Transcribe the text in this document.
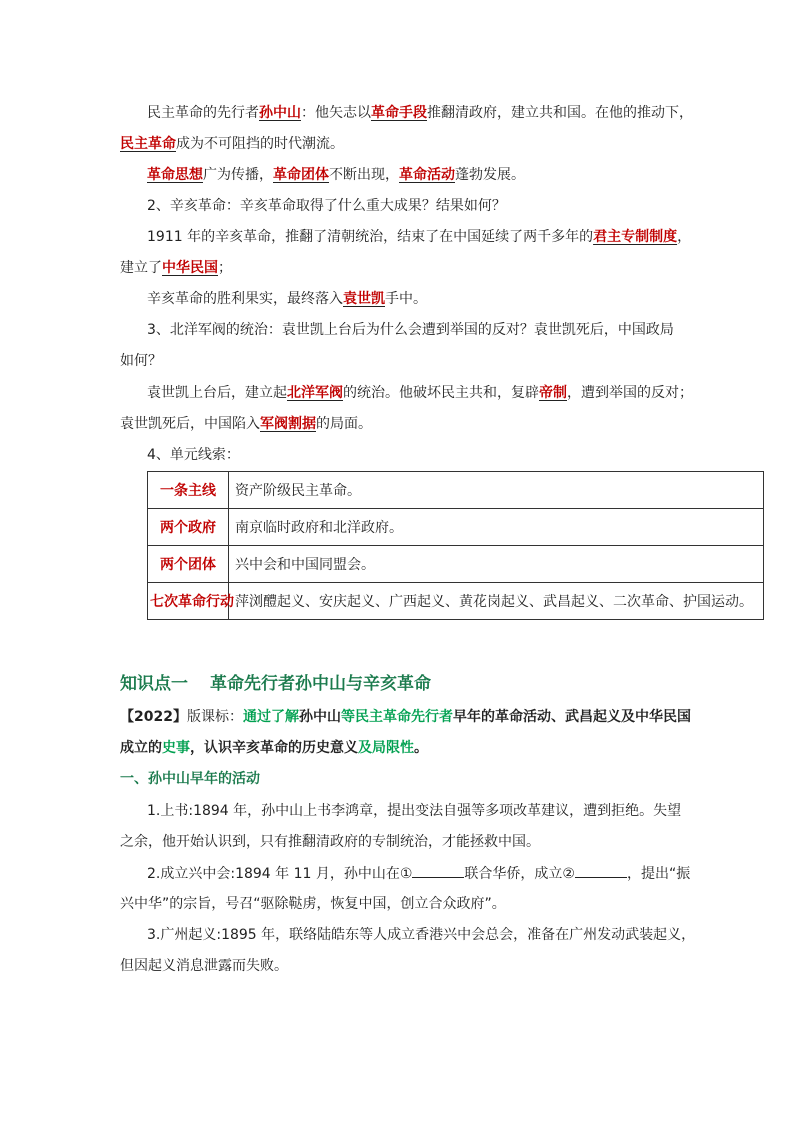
民主革命的先行者孙中山：他矢志以革命手段推翻清政府，建立共和国。在他的推动下，
民主革命成为不可阻挡的时代潮流。
革命思想广为传播，革命团体不断出现，革命活动蓬勃发展。
2、辛亥革命：辛亥革命取得了什么重大成果？结果如何？
1911 年的辛亥革命，推翻了清朝统治，结束了在中国延续了两千多年的君主专制制度，
建立了中华民国；
辛亥革命的胜利果实，最终落入袁世凯手中。
3、北洋军阀的统治：袁世凯上台后为什么会遭到举国的反对？袁世凯死后，中国政局
如何？
袁世凯上台后，建立起北洋军阀的统治。他破坏民主共和，复辟帝制，遭到举国的反对；
袁世凯死后，中国陷入军阀割据的局面。
4、单元线索：
一条主线	资产阶级民主革命。
两个政府	南京临时政府和北洋政府。
两个团体	兴中会和中国同盟会。
七次革命行动	萍浏醴起义、安庆起义、广西起义、黄花岗起义、武昌起义、二次革命、护国运动。
知识点一 革命先行者孙中山与辛亥革命
【2022】版课标：通过了解孙中山等民主革命先行者早年的革命活动、武昌起义及中华民国
成立的史事，认识辛亥革命的历史意义及局限性。
一、孙中山早年的活动
1.上书:1894 年，孙中山上书李鸿章，提出变法自强等多项改革建议，遭到拒绝。失望
之余，他开始认识到，只有推翻清政府的专制统治，才能拯救中国。
2.成立兴中会:1894 年 11 月，孙中山在①	联合华侨，成立②	，提出“振
兴中华”的宗旨，号召“驱除鞑虏，恢复中国，创立合众政府”。
3.广州起义:1895 年，联络陆皓东等人成立香港兴中会总会，准备在广州发动武装起义，
但因起义消息泄露而失败。
